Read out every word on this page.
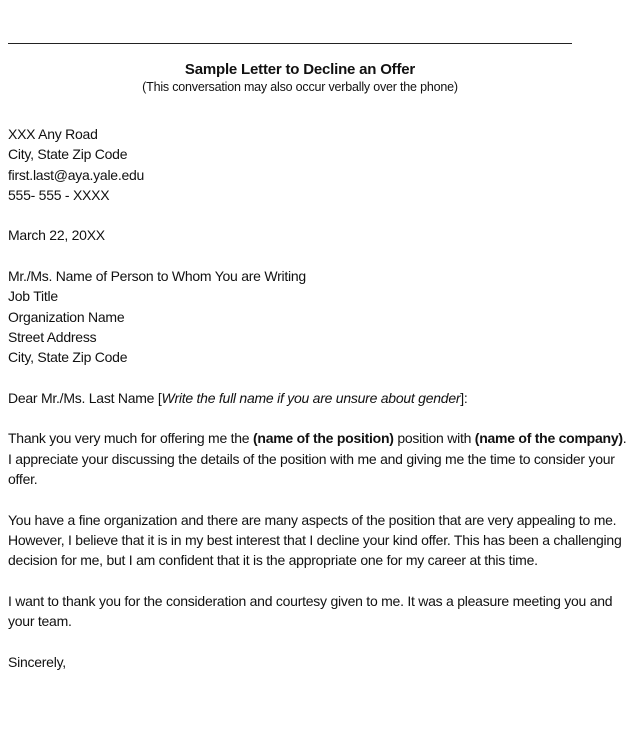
Sample Letter to Decline an Offer
(This conversation may also occur verbally over the phone)
XXX Any Road
City, State Zip Code
first.last@aya.yale.edu
555- 555 - XXXX
March 22, 20XX
Mr./Ms. Name of Person to Whom You are Writing
Job Title
Organization Name
Street Address
City, State Zip Code
Dear Mr./Ms. Last Name [Write the full name if you are unsure about gender]:
Thank you very much for offering me the (name of the position) position with (name of the company)
I appreciate your discussing the details of the position with me and giving me the time to consider your
offer.
You have a fine organization and there are many aspects of the position that are very appealing to me.
However, I believe that it is in my best interest that I decline your kind offer. This has been a challenging
decision for me, but I am confident that it is the appropriate one for my career at this time.
I want to thank you for the consideration and courtesy given to me. It was a pleasure meeting you and
your team.
Sincerely,
